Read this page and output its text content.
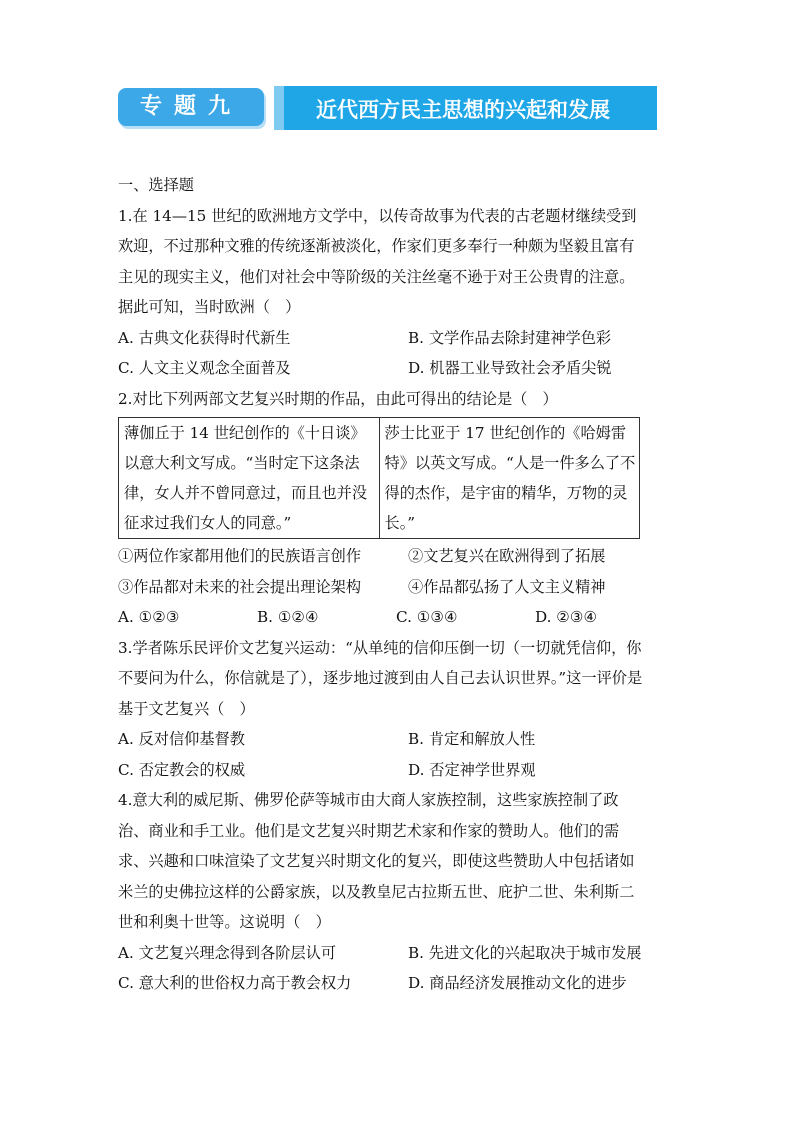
专题九	近代西方民主思想的兴起和发展

一、选择题

1.在 14—15 世纪的欧洲地方文学中，以传奇故事为代表的古老题材继续受到欢迎，不过那种文雅的传统逐渐被淡化，作家们更多奉行一种颇为坚毅且富有主见的现实主义，他们对社会中等阶级的关注丝毫不逊于对王公贵胄的注意。据此可知，当时欧洲（　）

A. 古典文化获得时代新生	B. 文学作品去除封建神学色彩
C. 人文主义观念全面普及	D. 机器工业导致社会矛盾尖锐

2.对比下列两部文艺复兴时期的作品，由此可得出的结论是（　）

薄伽丘于 14 世纪创作的《十日谈》以意大利文写成。“当时定下这条法律，女人并不曾同意过，而且也并没征求过我们女人的同意。”	莎士比亚于 17 世纪创作的《哈姆雷特》以英文写成。“人是一件多么了不得的杰作，是宇宙的精华，万物的灵长。”
①两位作家都用他们的民族语言创作	②文艺复兴在欧洲得到了拓展
③作品都对未来的社会提出理论架构	④作品都弘扬了人文主义精神
A. ①②③	B. ①②④	C. ①③④	D. ②③④

3.学者陈乐民评价文艺复兴运动：“从单纯的信仰压倒一切（一切就凭信仰，你不要问为什么，你信就是了），逐步地过渡到由人自己去认识世界。”这一评价是基于文艺复兴（　）

A. 反对信仰基督教	B. 肯定和解放人性
C. 否定教会的权威	D. 否定神学世界观

4.意大利的威尼斯、佛罗伦萨等城市由大商人家族控制，这些家族控制了政治、商业和手工业。他们是文艺复兴时期艺术家和作家的赞助人。他们的需求、兴趣和口味渲染了文艺复兴时期文化的复兴，即使这些赞助人中包括诸如米兰的史佛拉这样的公爵家族，以及教皇尼古拉斯五世、庇护二世、朱利斯二世和利奥十世等。这说明（　）

A. 文艺复兴理念得到各阶层认可	B. 先进文化的兴起取决于城市发展
C. 意大利的世俗权力高于教会权力	D. 商品经济发展推动文化的进步
